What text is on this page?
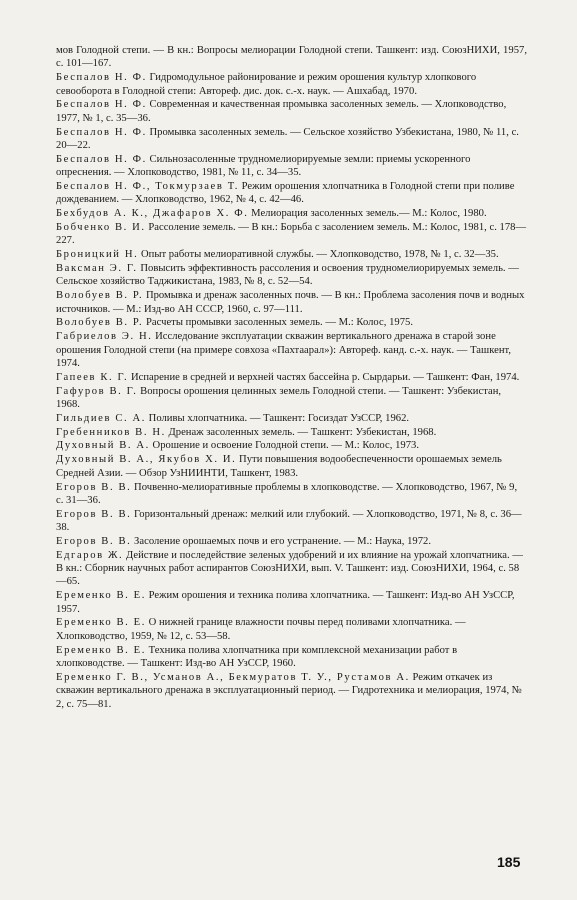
мов Голодной степи. — В кн.: Вопросы мелиорации Голодной степи. Ташкент: изд. СоюзНИХИ, 1957, с. 101—167.

Беспалов Н. Ф. Гидромодульное районирование и режим орошения культур хлопкового севооборота в Голодной степи: Автореф. дис. док. с.-х. наук. — Ашхабад, 1970.

Беспалов Н. Ф. Современная и качественная промывка засоленных земель. — Хлопководство, 1977, № 1, с. 35—36.

Беспалов Н. Ф. Промывка засоленных земель. — Сельское хозяйство Узбекистана, 1980, № 11, с. 20—22.

Беспалов Н. Ф. Сильнозасоленные трудномелиорируемые земли: приемы ускоренного опреснения. — Хлопководство, 1981, № 11, с. 34—35.

Беспалов Н. Ф., Токмурзаев Т. Режим орошения хлопчатника в Голодной степи при поливе дождеванием. — Хлопководство, 1962, № 4, с. 42—46.

Бехбудов А. К., Джафаров Х. Ф. Мелиорация засоленных земель.— М.: Колос, 1980.

Бобченко В. И. Рассоление земель. — В кн.: Борьба с засолением земель. М.: Колос, 1981, с. 178—227.

Броницкий Н. Опыт работы мелиоративной службы. — Хлопководство, 1978, № 1, с. 32—35.

Ваксман Э. Г. Повысить эффективность рассоления и освоения трудномелиорируемых земель. — Сельское хозяйство Таджикистана, 1983, № 8, с. 52—54.

Волобуев В. Р. Промывка и дренаж засоленных почв. — В кн.: Проблема засоления почв и водных источников. — М.: Изд-во АН СССР, 1960, с. 97—111.

Волобуев В. Р. Расчеты промывки засоленных земель. — М.: Колос, 1975.

Габриелов Э. Н. Исследование эксплуатации скважин вертикального дренажа в старой зоне орошения Голодной степи (на примере совхоза «Пахтаарал»): Автореф. канд. с.-х. наук. — Ташкент, 1974.

Гапеев К. Г. Испарение в средней и верхней частях бассейна р. Сырдарьи. — Ташкент: Фан, 1974.

Гафуров В. Г. Вопросы орошения целинных земель Голодной степи. — Ташкент: Узбекистан, 1968.

Гильдиев С. А. Поливы хлопчатника. — Ташкент: Госиздат УзССР, 1962.

Гребенников В. Н. Дренаж засоленных земель. — Ташкент: Узбекистан, 1968.

Духовный В. А. Орошение и освоение Голодной степи. — М.: Колос, 1973.

Духовный В. А., Якубов Х. И. Пути повышения водообеспеченности орошаемых земель Средней Азии. — Обзор УзНИИНТИ, Ташкент, 1983.

Егоров В. В. Почвенно-мелиоративные проблемы в хлопководстве. — Хлопководство, 1967, № 9, с. 31—36.

Егоров В. В. Горизонтальный дренаж: мелкий или глубокий. — Хлопководство, 1971, № 8, с. 36—38.

Егоров В. В. Засоление орошаемых почв и его устранение. — М.: Наука, 1972.

Едгаров Ж. Действие и последействие зеленых удобрений и их влияние на урожай хлопчатника. — В кн.: Сборник научных работ аспирантов СоюзНИХИ, вып. V. Ташкент: изд. СоюзНИХИ, 1964, с. 58—65.

Еременко В. Е. Режим орошения и техника полива хлопчатника. — Ташкент: Изд-во АН УзССР, 1957.

Еременко В. Е. О нижней границе влажности почвы перед поливами хлопчатника. — Хлопководство, 1959, № 12, с. 53—58.

Еременко В. Е. Техника полива хлопчатника при комплексной механизации работ в хлопководстве. — Ташкент: Изд-во АН УзССР, 1960.

Еременко Г. В., Усманов А., Бекмуратов Т. У., Рустамов А. Режим откачек из скважин вертикального дренажа в эксплуатационный период. — Гидротехника и мелиорация, 1974, № 2, с. 75—81.

185
